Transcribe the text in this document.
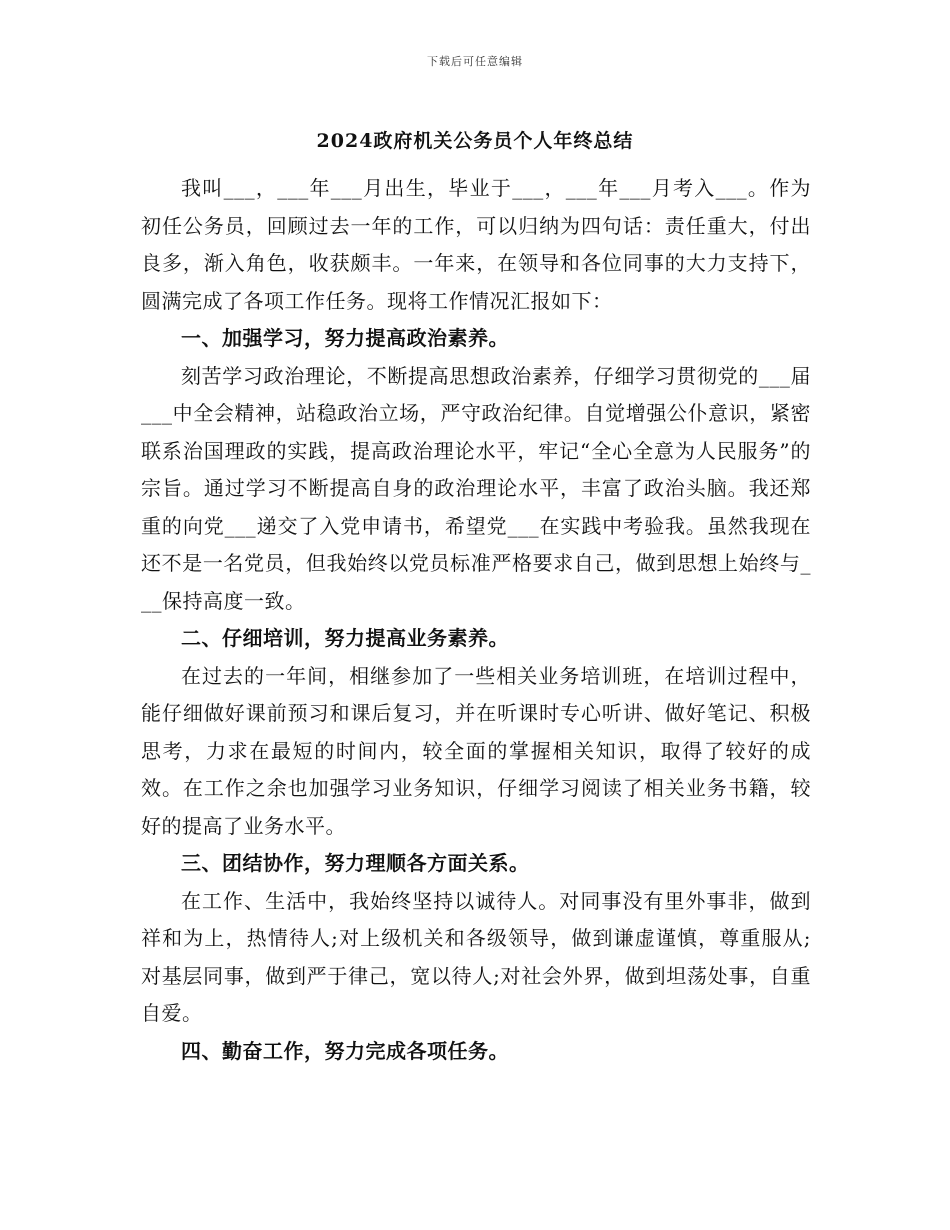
下载后可任意编辑
2024政府机关公务员个人年终总结

我叫___，___年___月出生，毕业于___，___年___月考入___。作为初任公务员，回顾过去一年的工作，可以归纳为四句话：责任重大，付出良多，渐入角色，收获颇丰。一年来，在领导和各位同事的大力支持下，圆满完成了各项工作任务。现将工作情况汇报如下：

一、加强学习，努力提高政治素养。

刻苦学习政治理论，不断提高思想政治素养，仔细学习贯彻党的___届___中全会精神，站稳政治立场，严守政治纪律。自觉增强公仆意识，紧密联系治国理政的实践，提高政治理论水平，牢记“全心全意为人民服务”的宗旨。通过学习不断提高自身的政治理论水平，丰富了政治头脑。我还郑重的向党___递交了入党申请书，希望党___在实践中考验我。虽然我现在还不是一名党员，但我始终以党员标准严格要求自己，做到思想上始终与___保持高度一致。

二、仔细培训，努力提高业务素养。

在过去的一年间，相继参加了一些相关业务培训班，在培训过程中，能仔细做好课前预习和课后复习，并在听课时专心听讲、做好笔记、积极思考，力求在最短的时间内，较全面的掌握相关知识，取得了较好的成效。在工作之余也加强学习业务知识，仔细学习阅读了相关业务书籍，较好的提高了业务水平。

三、团结协作，努力理顺各方面关系。

在工作、生活中，我始终坚持以诚待人。对同事没有里外事非，做到祥和为上，热情待人;对上级机关和各级领导，做到谦虚谨慎，尊重服从;对基层同事，做到严于律己，宽以待人;对社会外界，做到坦荡处事，自重自爱。

四、勤奋工作，努力完成各项任务。
